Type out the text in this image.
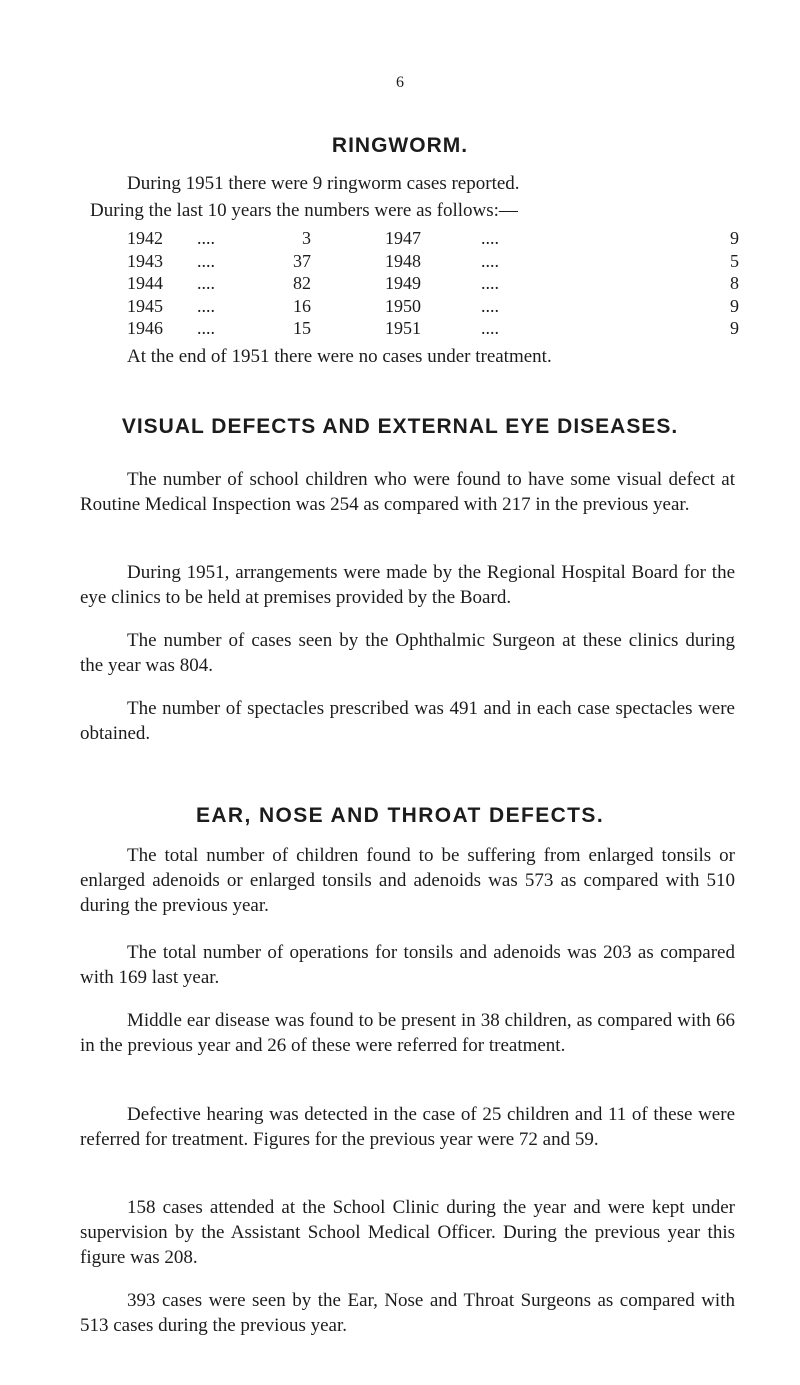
6
RINGWORM.

During 1951 there were 9 ringworm cases reported.

During the last 10 years the numbers were as follows:—

1942	....	3		1947	....	9
1943	....	37		1948	....	5
1944	....	82		1949	....	8
1945	....	16		1950	....	9
1946	....	15		1951	....	9

At the end of 1951 there were no cases under treatment.

VISUAL DEFECTS AND EXTERNAL EYE DISEASES.

The number of school children who were found to have some visual defect at Routine Medical Inspection was 254 as compared with 217 in the previous year.

During 1951, arrangements were made by the Regional Hospital Board for the eye clinics to be held at premises provided by the Board.

The number of cases seen by the Ophthalmic Surgeon at these clinics during the year was 804.

The number of spectacles prescribed was 491 and in each case spectacles were obtained.

EAR, NOSE AND THROAT DEFECTS.

The total number of children found to be suffering from enlarged tonsils or enlarged adenoids or enlarged tonsils and adenoids was 573 as compared with 510 during the previous year.

The total number of operations for tonsils and adenoids was 203 as compared with 169 last year.

Middle ear disease was found to be present in 38 children, as compared with 66 in the previous year and 26 of these were referred for treatment.

Defective hearing was detected in the case of 25 children and 11 of these were referred for treatment. Figures for the previous year were 72 and 59.

158 cases attended at the School Clinic during the year and were kept under supervision by the Assistant School Medical Officer. During the previous year this figure was 208.

393 cases were seen by the Ear, Nose and Throat Surgeons as compared with 513 cases during the previous year.
